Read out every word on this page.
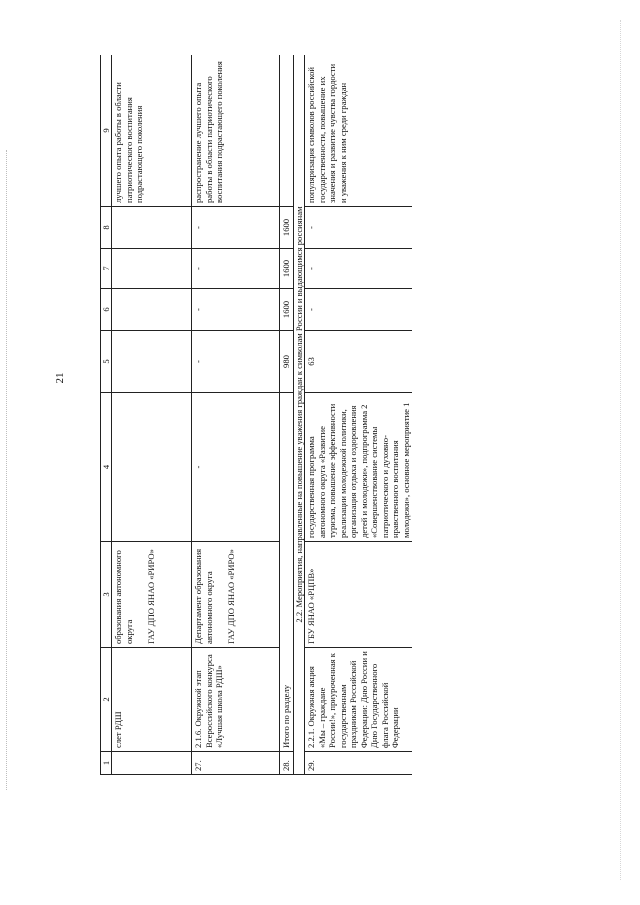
21
1	2	3	4	5	6	7	8	9
	слет РДШ	образования автономного округа ГАУ ДПО ЯНАО «РИРО»						лучшего опыта работы в области патриотического воспитания подрастающего поколения
27.	2.1.6. Окружной этап Всероссийского конкурса «Лучшая школа РДШ»	Департамент образования автономного округа ГАУ ДПО ЯНАО «РИРО»	-	-	-	-	-	распространение лучшего опыта работы в области патриотического воспитания подрастающего поколения
28.	Итого по разделу			980	1600	1600	1600	
2.2. Мероприятия, направленные на повышение уважения граждан к символам России и выдающимся россиянам								
29.	2.2.1. Окружная акция «Мы – граждане России!», приуроченная к государственным праздникам Российской Федерации: Дню России и Дню Государственного флага Российской Федерации	ГБУ ЯНАО «РЦПВ»	государственная программа автономного округа «Развитие туризма, повышение эффективности реализации молодежной политики, организация отдыха и оздоровления детей и молодежи», подпрограмма 2 «Совершенствование системы патриотического и духовно-нравственного воспитания молодежи», основное мероприятие 1	63	-	-	-	популяризация символов российской государственности, повышение их значения и развитие чувства гордости и уважения к ним среди граждан
